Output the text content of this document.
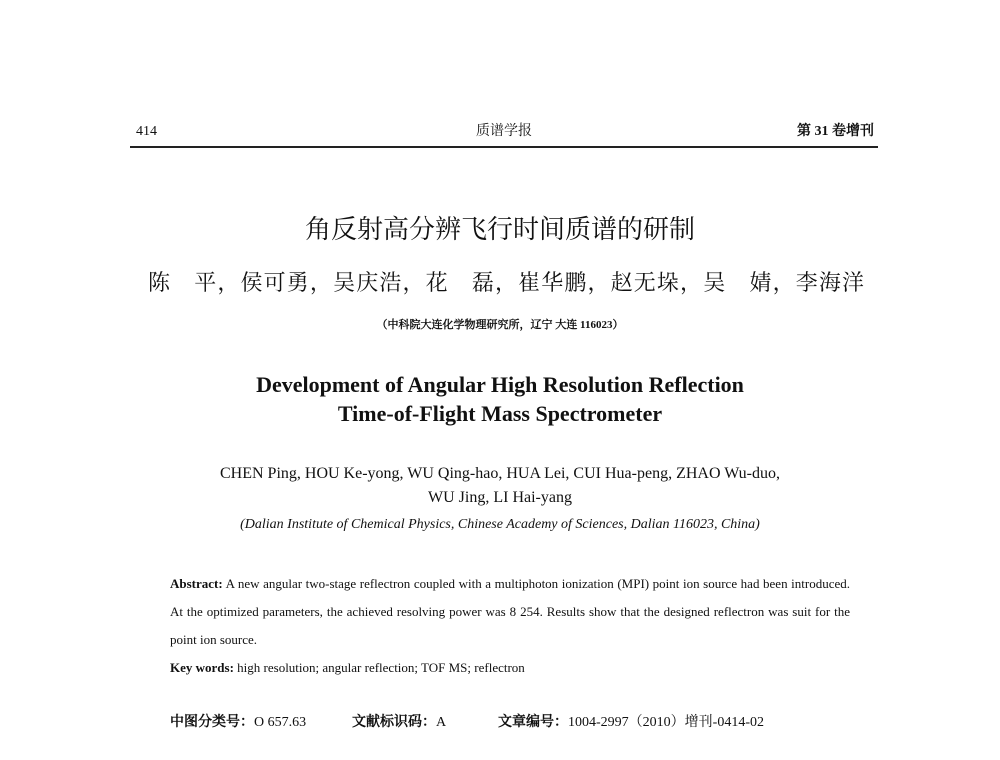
414	质谱学报	第 31 卷增刊
角反射高分辨飞行时间质谱的研制
陈　平，侯可勇，吴庆浩，花　磊，崔华鹏，赵无垛，吴　婧，李海洋
（中科院大连化学物理研究所，辽宁 大连 116023）
Development of Angular High Resolution Reflection
Time-of-Flight Mass Spectrometer
CHEN Ping, HOU Ke-yong, WU Qing-hao, HUA Lei, CUI Hua-peng, ZHAO Wu-duo,
WU Jing, LI Hai-yang
(Dalian Institute of Chemical Physics, Chinese Academy of Sciences, Dalian 116023, China)
Abstract: A new angular two-stage reflectron coupled with a multiphoton ionization (MPI) point ion source had been introduced. At the optimized parameters, the achieved resolving power was 8 254. Results show that the designed reflectron was suit for the point ion source.
Key words: high resolution; angular reflection; TOF MS; reflectron
中图分类号：O 657.63	文献标识码：A	文章编号：1004-2997（2010）增刊-0414-02
